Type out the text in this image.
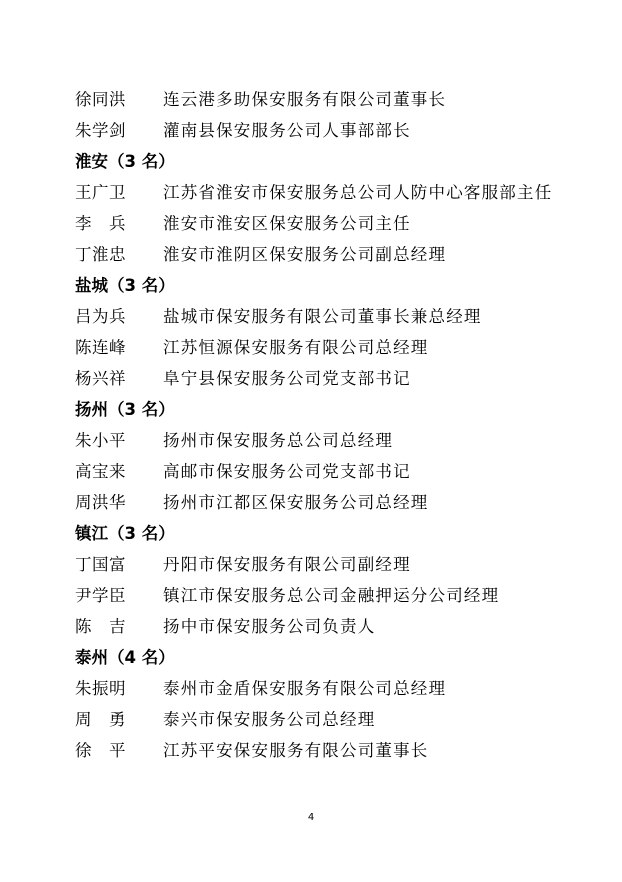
徐同洪 连云港多助保安服务有限公司董事长
朱学剑 灌南县保安服务公司人事部部长
淮安（3 名）
王广卫 江苏省淮安市保安服务总公司人防中心客服部主任
李　兵 淮安市淮安区保安服务公司主任
丁淮忠 淮安市淮阴区保安服务公司副总经理
盐城（3 名）
吕为兵 盐城市保安服务有限公司董事长兼总经理
陈连峰 江苏恒源保安服务有限公司总经理
杨兴祥 阜宁县保安服务公司党支部书记
扬州（3 名）
朱小平 扬州市保安服务总公司总经理
高宝来 高邮市保安服务公司党支部书记
周洪华 扬州市江都区保安服务公司总经理
镇江（3 名）
丁国富 丹阳市保安服务有限公司副经理
尹学臣 镇江市保安服务总公司金融押运分公司经理
陈　吉 扬中市保安服务公司负责人
泰州（4 名）
朱振明 泰州市金盾保安服务有限公司总经理
周　勇 泰兴市保安服务公司总经理
徐　平 江苏平安保安服务有限公司董事长
4
